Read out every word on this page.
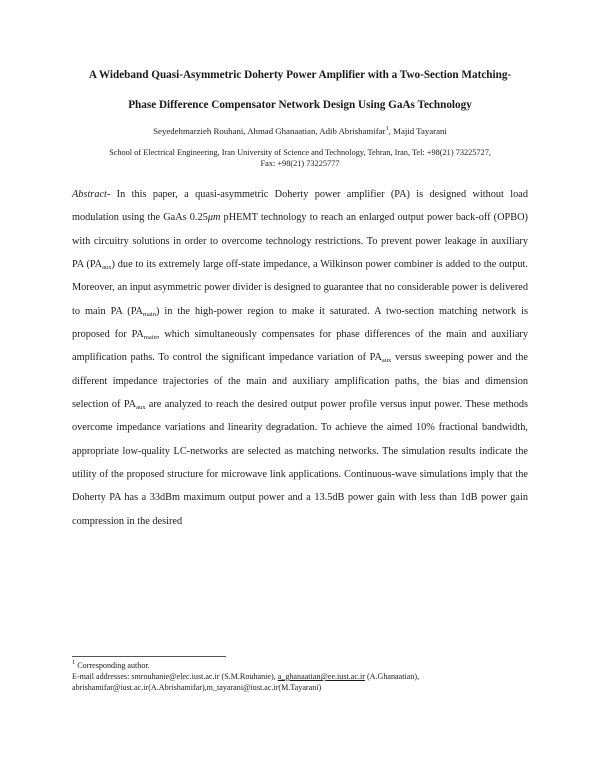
A Wideband Quasi-Asymmetric Doherty Power Amplifier with a Two-Section Matching-
Phase Difference Compensator Network Design Using GaAs Technology
Seyedehmarzieh Rouhani, Ahmad Ghanaatian, Adib Abrishamifar$^1$, Majid Tayarani
School of Electrical Engineering, Iran University of Science and Technology, Tehran, Iran, Tel: +98(21) 73225727,
Fax: +98(21) 73225777
Abstract- In this paper, a quasi-asymmetric Doherty power amplifier (PA) is designed without load modulation using the GaAs 0.25μm pHEMT technology to reach an enlarged output power back-off (OPBO) with circuitry solutions in order to overcome technology restrictions. To prevent power leakage in auxiliary PA $(PA_{aux})$ due to its extremely large off-state impedance, a Wilkinson power combiner is added to the output. Moreover, an input asymmetric power divider is designed to guarantee that no considerable power is delivered to main PA $(PA_{main})$ in the high-power region to make it saturated. A two-section matching network is proposed for $PA_{main}$, which simultaneously compensates for phase differences of the main and auxiliary amplification paths. To control the significant impedance variation of $PA_{aux}$ versus sweeping power and the different impedance trajectories of the main and auxiliary amplification paths, the bias and dimension selection of $PA_{aux}$ are analyzed to reach the desired output power profile versus input power. These methods overcome impedance variations and linearity degradation. To achieve the aimed 10% fractional bandwidth, appropriate low-quality LC-networks are selected as matching networks. The simulation results indicate the utility of the proposed structure for microwave link applications. Continuous-wave simulations imply that the Doherty PA has a 33dBm maximum output power and a 13.5dB power gain with less than 1dB power gain compression in the desired
$^1$ Corresponding author.
E-mail addresses: smrouhanie@elec.iust.ac.ir (S.M.Rouhanie), a_ghanaatian@ee.iust.ac.ir (A.Ghanaatian),
abrishamifar@iust.ac.ir(A.Abrishamifar),m_tayarani@iust.ac.ir(M.Tayarani)
